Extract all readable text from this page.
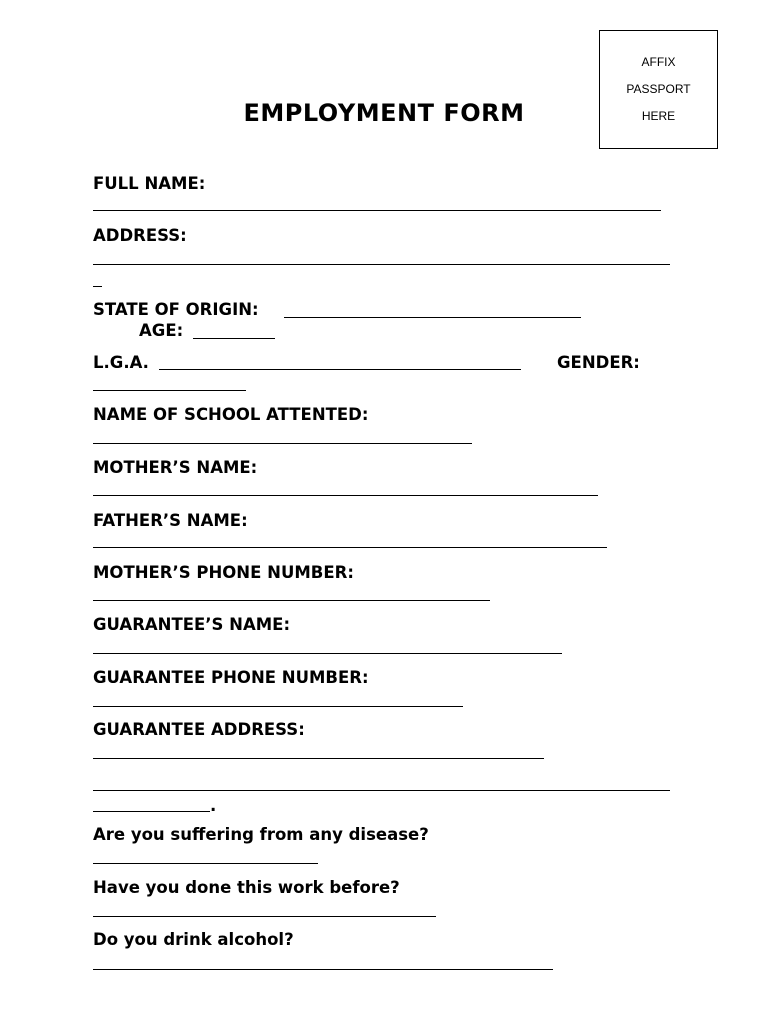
AFFIX
PASSPORT
HERE
EMPLOYMENT FORM
FULL NAME:
ADDRESS:
STATE OF ORIGIN:
AGE:
L.G.A.	GENDER:
NAME OF SCHOOL ATTENTED:
MOTHER’S NAME:
FATHER’S NAME:
MOTHER’S PHONE NUMBER:
GUARANTEE’S NAME:
GUARANTEE PHONE NUMBER:
GUARANTEE ADDRESS:
.
Are you suffering from any disease?
Have you done this work before?
Do you drink alcohol?
